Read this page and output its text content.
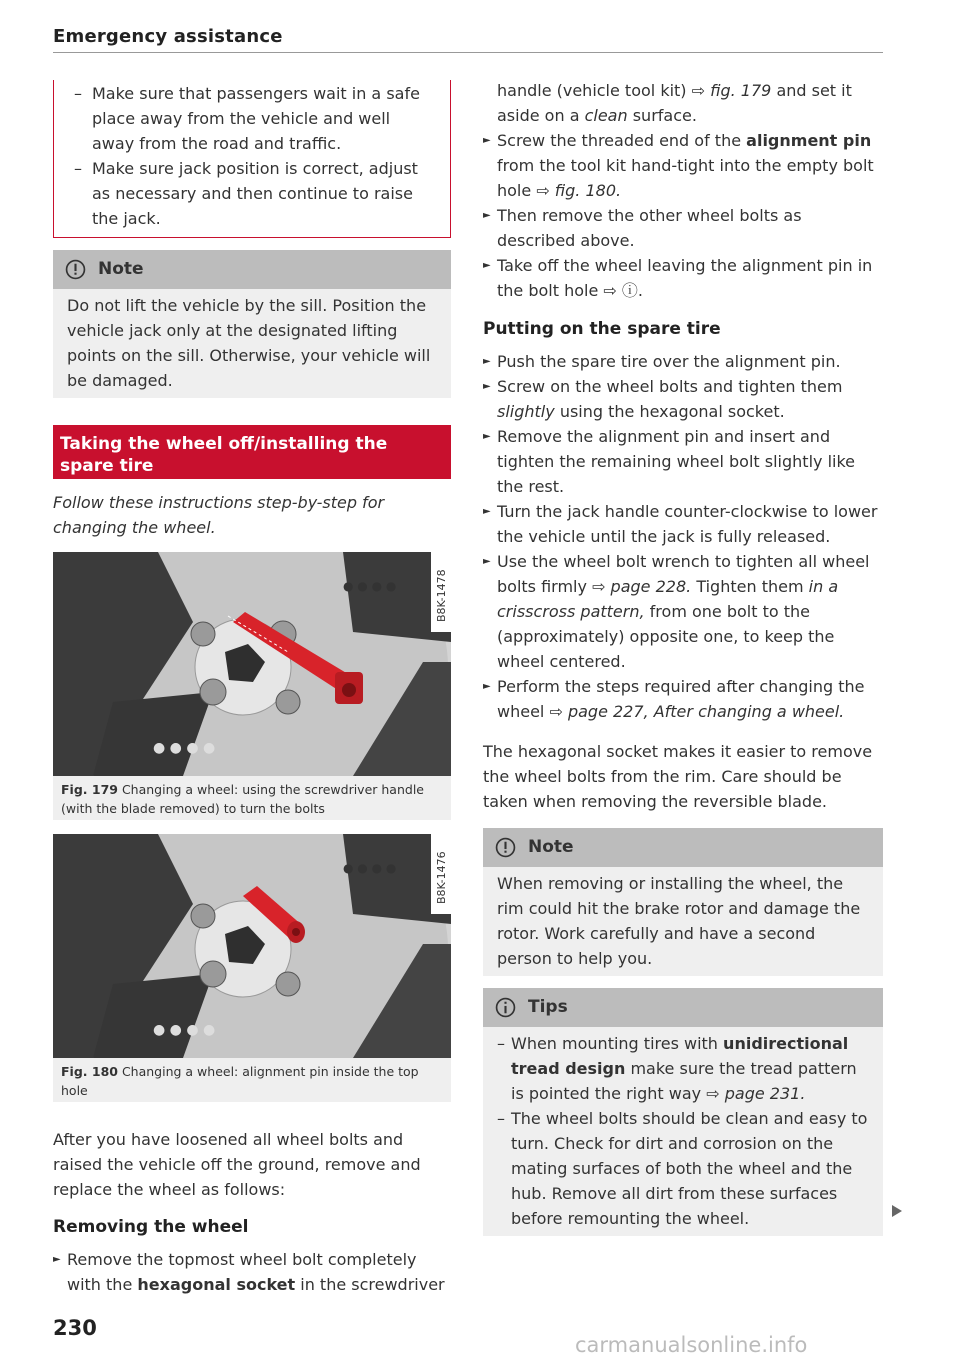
Emergency assistance
– Make sure that passengers wait in a safe place away from the vehicle and well away from the road and traffic.
– Make sure jack position is correct, adjust as necessary and then continue to raise the jack.
Note
Do not lift the vehicle by the sill. Position the vehicle jack only at the designated lifting points on the sill. Otherwise, your vehicle will be damaged.
Taking the wheel off/installing the spare tire
Follow these instructions step-by-step for changing the wheel.
● ● ● ●
● ● ● ●	B8K-1478
Fig. 179 Changing a wheel: using the screwdriver handle (with the blade removed) to turn the bolts
● ● ● ●
● ● ● ●	B8K-1476
Fig. 180 Changing a wheel: alignment pin inside the top hole

After you have loosened all wheel bolts and raised the vehicle off the ground, remove and replace the wheel as follows:

Removing the wheel
► Remove the topmost wheel bolt completely with the hexagonal socket in the screwdriver
handle (vehicle tool kit) ⇨ fig. 179 and set it aside on a clean surface.
► Screw the threaded end of the alignment pin from the tool kit hand-tight into the empty bolt hole ⇨ fig. 180.
► Then remove the other wheel bolts as described above.
► Take off the wheel leaving the alignment pin in the bolt hole ⇨ ⓘ.
Putting on the spare tire
► Push the spare tire over the alignment pin.
► Screw on the wheel bolts and tighten them slightly using the hexagonal socket.
► Remove the alignment pin and insert and tighten the remaining wheel bolt slightly like the rest.
► Turn the jack handle counter-clockwise to lower the vehicle until the jack is fully released.
► Use the wheel bolt wrench to tighten all wheel bolts firmly ⇨ page 228. Tighten them in a crisscross pattern, from one bolt to the (approximately) opposite one, to keep the wheel centered.
► Perform the steps required after changing the wheel ⇨ page 227, After changing a wheel.

The hexagonal socket makes it easier to remove the wheel bolts from the rim. Care should be taken when removing the reversible blade.

Note
When removing or installing the wheel, the rim could hit the brake rotor and damage the rotor. Work carefully and have a second person to help you.
Tips
– When mounting tires with unidirectional tread design make sure the tread pattern is pointed the right way ⇨ page 231.
– The wheel bolts should be clean and easy to turn. Check for dirt and corrosion on the mating surfaces of both the wheel and the hub. Remove all dirt from these surfaces before remounting the wheel.
230
carmanualsonline.info
